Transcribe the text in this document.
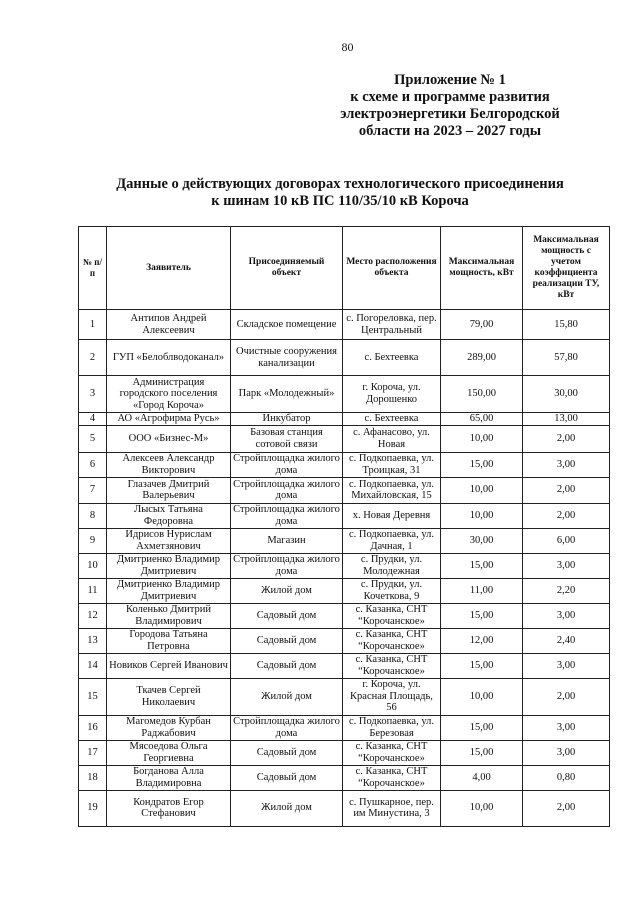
80
Приложение № 1
к схеме и программе развития
электроэнергетики Белгородской
области на 2023 – 2027 годы
Данные о действующих договорах технологического присоединения
к шинам 10 кВ ПС 110/35/10 кВ Короча
№ п/п	Заявитель	Присоединяемый объект	Место расположения объекта	Максимальная мощность, кВт	Максимальная мощность с учетом коэффициента реализации ТУ, кВт
1	Антипов Андрей Алексеевич	Складское помещение	с. Погореловка, пер. Центральный	79,00	15,80
2	ГУП «Белоблводоканал»	Очистные сооружения канализации	с. Бехтеевка	289,00	57,80
3	Администрация городского поселения «Город Короча»	Парк «Молодежный»	г. Короча, ул. Дорошенко	150,00	30,00
4	АО «Агрофирма Русь»	Инкубатор	с. Бехтеевка	65,00	13,00
5	ООО «Бизнес-М»	Базовая станция сотовой связи	с. Афанасово, ул. Новая	10,00	2,00
6	Алексеев Александр Викторович	Стройплощадка жилого дома	с. Подкопаевка, ул. Троицкая, 31	15,00	3,00
7	Глазачев Дмитрий Валерьевич	Стройплощадка жилого дома	с. Подкопаевка, ул. Михайловская, 15	10,00	2,00
8	Лысых Татьяна Федоровна	Стройплощадка жилого дома	х. Новая Деревня	10,00	2,00
9	Идрисов Нурислам Ахметзянович	Магазин	с. Подкопаевка, ул. Дачная, 1	30,00	6,00
10	Дмитриенко Владимир Дмитриевич	Стройплощадка жилого дома	с. Прудки, ул. Молодежная	15,00	3,00
11	Дмитриенко Владимир Дмитриевич	Жилой дом	с. Прудки, ул. Кочеткова, 9	11,00	2,20
12	Коленько Дмитрий Владимирович	Садовый дом	с. Казанка, СНТ “Корочанское»	15,00	3,00
13	Городова Татьяна Петровна	Садовый дом	с. Казанка, СНТ “Корочанское»	12,00	2,40
14	Новиков Сергей Иванович	Садовый дом	с. Казанка, СНТ “Корочанское»	15,00	3,00
15	Ткачев Сергей Николаевич	Жилой дом	г. Короча, ул. Красная Площадь, 56	10,00	2,00
16	Магомедов Курбан Раджабович	Стройплощадка жилого дома	с. Подкопаевка, ул. Березовая	15,00	3,00
17	Мясоедова Ольга Георгиевна	Садовый дом	с. Казанка, СНТ “Корочанское»	15,00	3,00
18	Богданова Алла Владимировна	Садовый дом	с. Казанка, СНТ “Корочанское»	4,00	0,80
19	Кондратов Егор Стефанович	Жилой дом	с. Пушкарное, пер. им Минустина, 3	10,00	2,00
